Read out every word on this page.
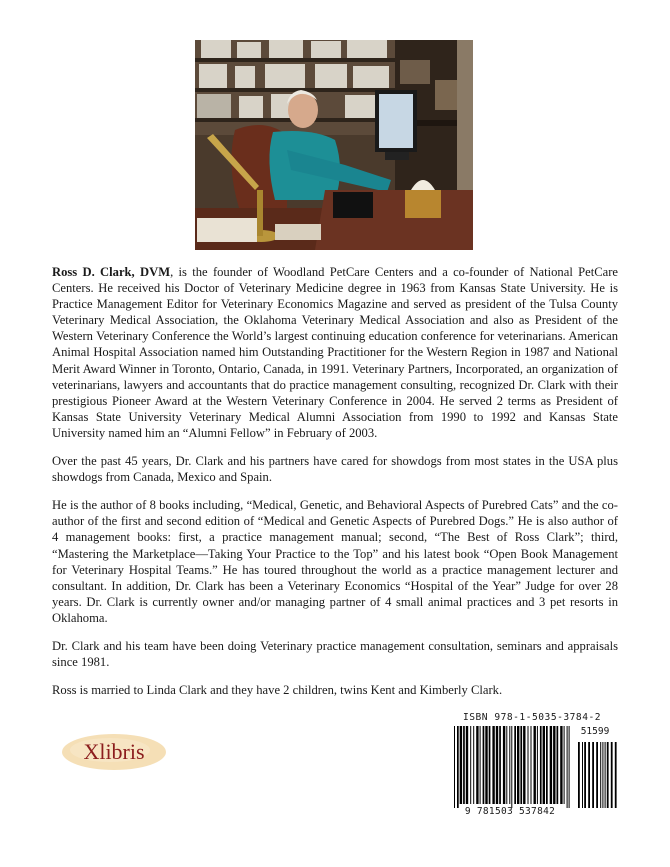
Ross D. Clark, DVM, is the founder of Woodland PetCare Centers and a co-founder of National PetCare Centers. He received his Doctor of Veterinary Medicine degree in 1963 from Kansas State University. He is Practice Management Editor for Veterinary Economics Magazine and served as president of the Tulsa County Veterinary Medical Association, the Oklahoma Veterinary Medical Association and also as President of the Western Veterinary Conference the World’s largest continuing education conference for veterinarians. American Animal Hospital Association named him Outstanding Practitioner for the Western Region in 1987 and National Merit Award Winner in Toronto, Ontario, Canada, in 1991. Veterinary Partners, Incorporated, an organization of veterinarians, lawyers and accountants that do practice management consulting, recognized Dr. Clark with their prestigious Pioneer Award at the Western Veterinary Conference in 2004. He served 2 terms as President of Kansas State University Veterinary Medical Alumni Association from 1990 to 1992 and Kansas State University named him an “Alumni Fellow” in February of 2003.

Over the past 45 years, Dr. Clark and his partners have cared for showdogs from most states in the USA plus showdogs from Canada, Mexico and Spain.

He is the author of 8 books including, “Medical, Genetic, and Behavioral Aspects of Purebred Cats” and the co-author of the first and second edition of “Medical and Genetic Aspects of Purebred Dogs.” He is also author of 4 management books: first, a practice management manual; second, “The Best of Ross Clark”; third, “Mastering the Marketplace—Taking Your Practice to the Top” and his latest book “Open Book Management for Veterinary Hospital Teams.” He has toured throughout the world as a practice management lecturer and consultant. In addition, Dr. Clark has been a Veterinary Economics “Hospital of the Year” Judge for over 28 years. Dr. Clark is currently owner and/or managing partner of 4 small animal practices and 3 pet resorts in Oklahoma.

Dr. Clark and his team have been doing Veterinary practice management consultation, seminars and appraisals since 1981.

Ross is married to Linda Clark and they have 2 children, twins Kent and Kimberly Clark.

Xlibris
ISBN 978-1-5035-3784-2
9 781503 537842
51599
